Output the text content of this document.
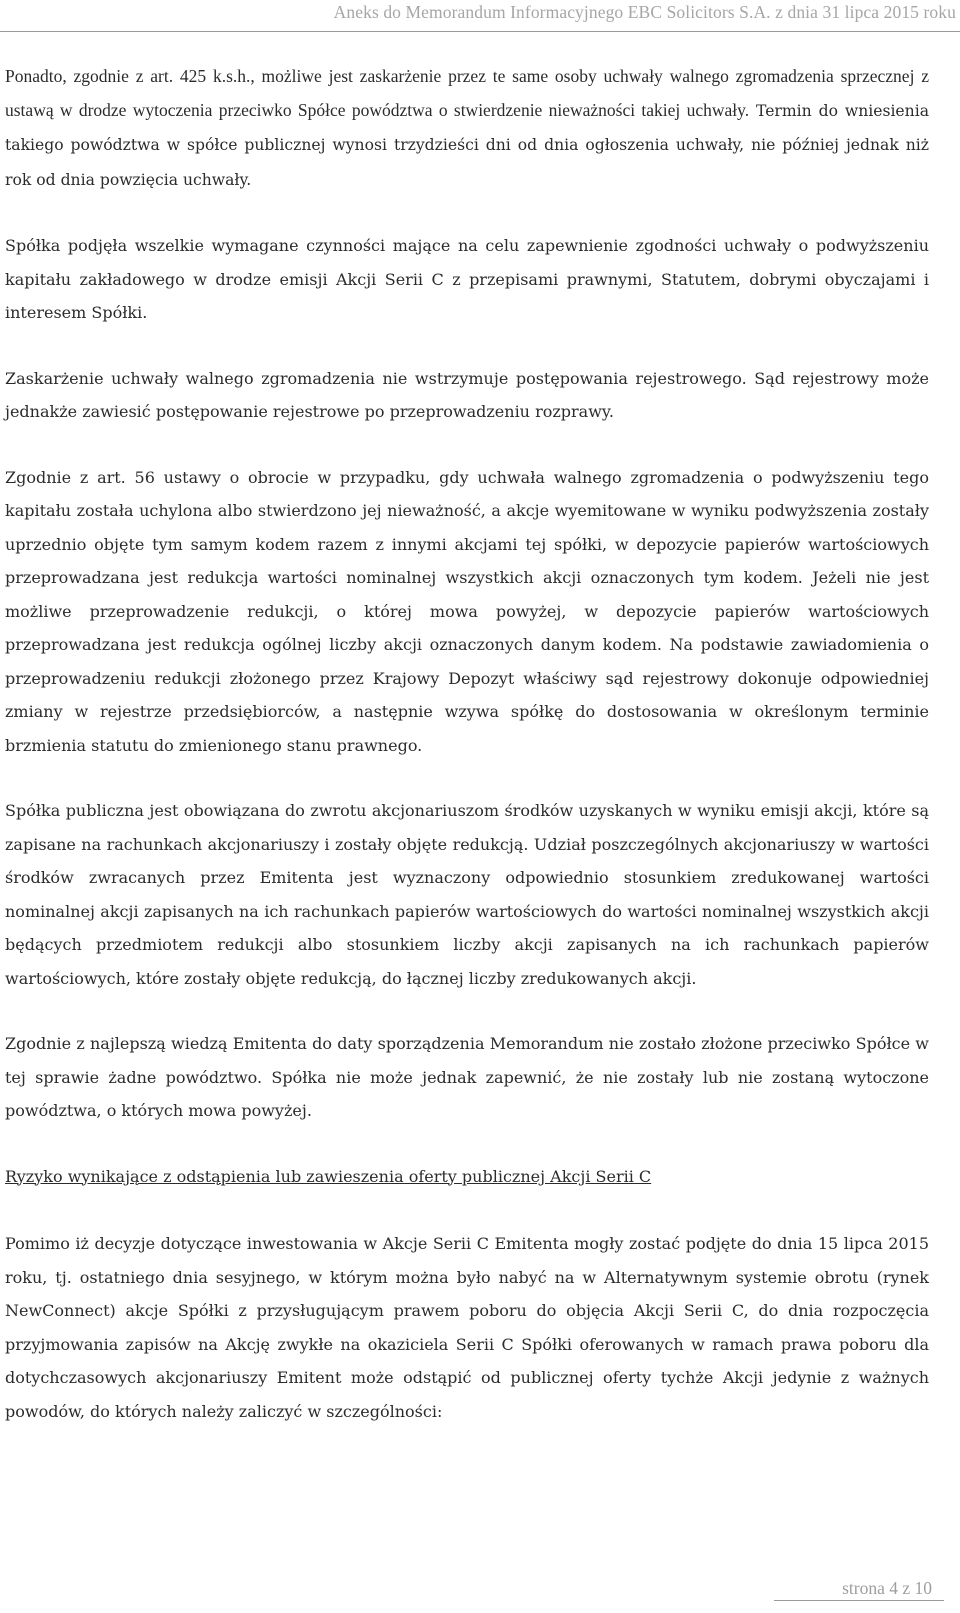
Aneks do Memorandum Informacyjnego EBC Solicitors S.A. z dnia 31 lipca 2015 roku

Ponadto, zgodnie z art. 425 k.s.h., możliwe jest zaskarżenie przez te same osoby uchwały walnego zgromadzenia sprzecznej z ustawą w drodze wytoczenia przeciwko Spółce powództwa o stwierdzenie nieważności takiej uchwały. Termin do wniesienia takiego powództwa w spółce publicznej wynosi trzydzieści dni od dnia ogłoszenia uchwały, nie później jednak niż rok od dnia powzięcia uchwały.

Spółka podjęła wszelkie wymagane czynności mające na celu zapewnienie zgodności uchwały o podwyższeniu kapitału zakładowego w drodze emisji Akcji Serii C z przepisami prawnymi, Statutem, dobrymi obyczajami i interesem Spółki.

Zaskarżenie uchwały walnego zgromadzenia nie wstrzymuje postępowania rejestrowego. Sąd rejestrowy może jednakże zawiesić postępowanie rejestrowe po przeprowadzeniu rozprawy.

Zgodnie z art. 56 ustawy o obrocie w przypadku, gdy uchwała walnego zgromadzenia o podwyższeniu tego kapitału została uchylona albo stwierdzono jej nieważność, a akcje wyemitowane w wyniku podwyższenia zostały uprzednio objęte tym samym kodem razem z innymi akcjami tej spółki, w depozycie papierów wartościowych przeprowadzana jest redukcja wartości nominalnej wszystkich akcji oznaczonych tym kodem. Jeżeli nie jest możliwe przeprowadzenie redukcji, o której mowa powyżej, w depozycie papierów wartościowych przeprowadzana jest redukcja ogólnej liczby akcji oznaczonych danym kodem. Na podstawie zawiadomienia o przeprowadzeniu redukcji złożonego przez Krajowy Depozyt właściwy sąd rejestrowy dokonuje odpowiedniej zmiany w rejestrze przedsiębiorców, a następnie wzywa spółkę do dostosowania w określonym terminie brzmienia statutu do zmienionego stanu prawnego.

Spółka publiczna jest obowiązana do zwrotu akcjonariuszom środków uzyskanych w wyniku emisji akcji, które są zapisane na rachunkach akcjonariuszy i zostały objęte redukcją. Udział poszczególnych akcjonariuszy w wartości środków zwracanych przez Emitenta jest wyznaczony odpowiednio stosunkiem zredukowanej wartości nominalnej akcji zapisanych na ich rachunkach papierów wartościowych do wartości nominalnej wszystkich akcji będących przedmiotem redukcji albo stosunkiem liczby akcji zapisanych na ich rachunkach papierów wartościowych, które zostały objęte redukcją, do łącznej liczby zredukowanych akcji.

Zgodnie z najlepszą wiedzą Emitenta do daty sporządzenia Memorandum nie zostało złożone przeciwko Spółce w tej sprawie żadne powództwo. Spółka nie może jednak zapewnić, że nie zostały lub nie zostaną wytoczone powództwa, o których mowa powyżej.

Ryzyko wynikające z odstąpienia lub zawieszenia oferty publicznej Akcji Serii C

Pomimo iż decyzje dotyczące inwestowania w Akcje Serii C Emitenta mogły zostać podjęte do dnia 15 lipca 2015 roku, tj. ostatniego dnia sesyjnego, w którym można było nabyć na w Alternatywnym systemie obrotu (rynek NewConnect) akcje Spółki z przysługującym prawem poboru do objęcia Akcji Serii C, do dnia rozpoczęcia przyjmowania zapisów na Akcję zwykłe na okaziciela Serii C Spółki oferowanych w ramach prawa poboru dla dotychczasowych akcjonariuszy Emitent może odstąpić od publicznej oferty tychże Akcji jedynie z ważnych powodów, do których należy zaliczyć w szczególności:

strona 4 z 10
